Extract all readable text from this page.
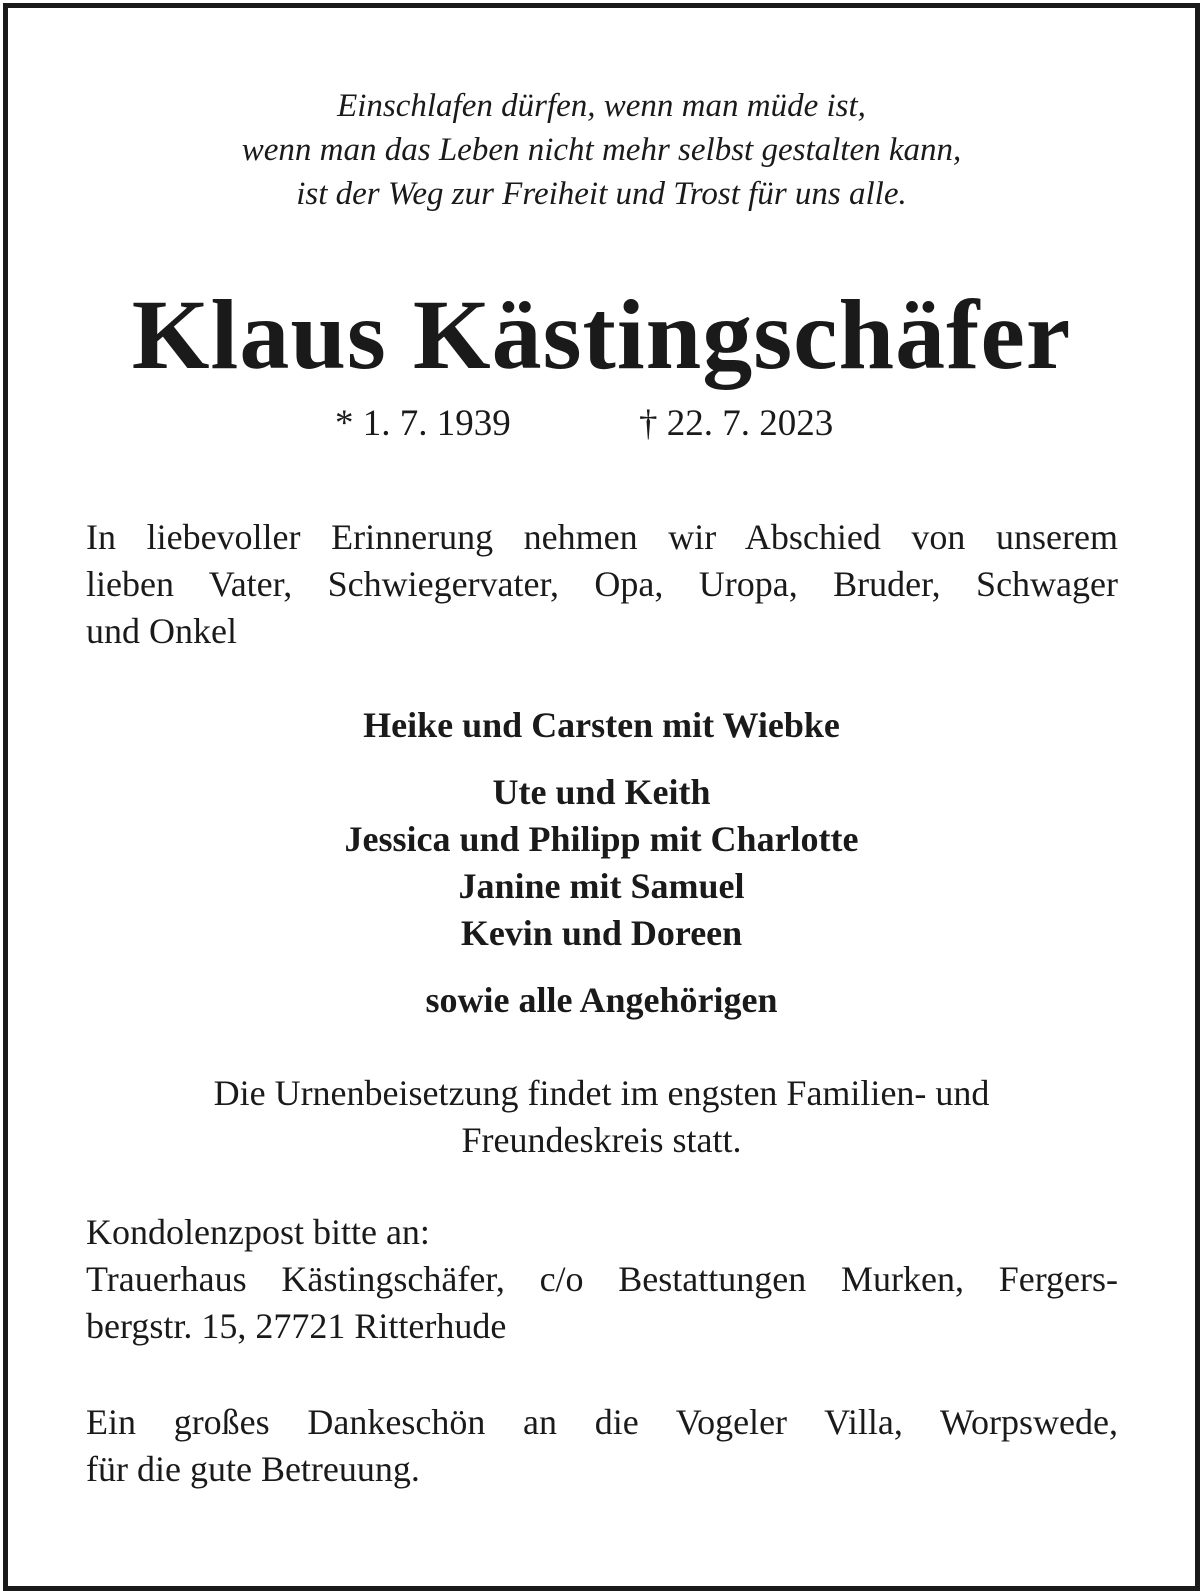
Einschlafen dürfen, wenn man müde ist,
wenn man das Leben nicht mehr selbst gestalten kann,
ist der Weg zur Freiheit und Trost für uns alle.
Klaus Kästingschäfer
* 1. 7. 1939	† 22. 7. 2023
In liebevoller Erinnerung nehmen wir Abschied von unserem
lieben Vater, Schwiegervater, Opa, Uropa, Bruder, Schwager
und Onkel
Heike und Carsten mit Wiebke
Ute und Keith
Jessica und Philipp mit Charlotte
Janine mit Samuel
Kevin und Doreen
sowie alle Angehörigen
Die Urnenbeisetzung findet im engsten Familien- und
Freundeskreis statt.
Kondolenzpost bitte an:
Trauerhaus Kästingschäfer, c/o Bestattungen Murken, Fergers-
bergstr. 15, 27721 Ritterhude
Ein großes Dankeschön an die Vogeler Villa, Worpswede,
für die gute Betreuung.
